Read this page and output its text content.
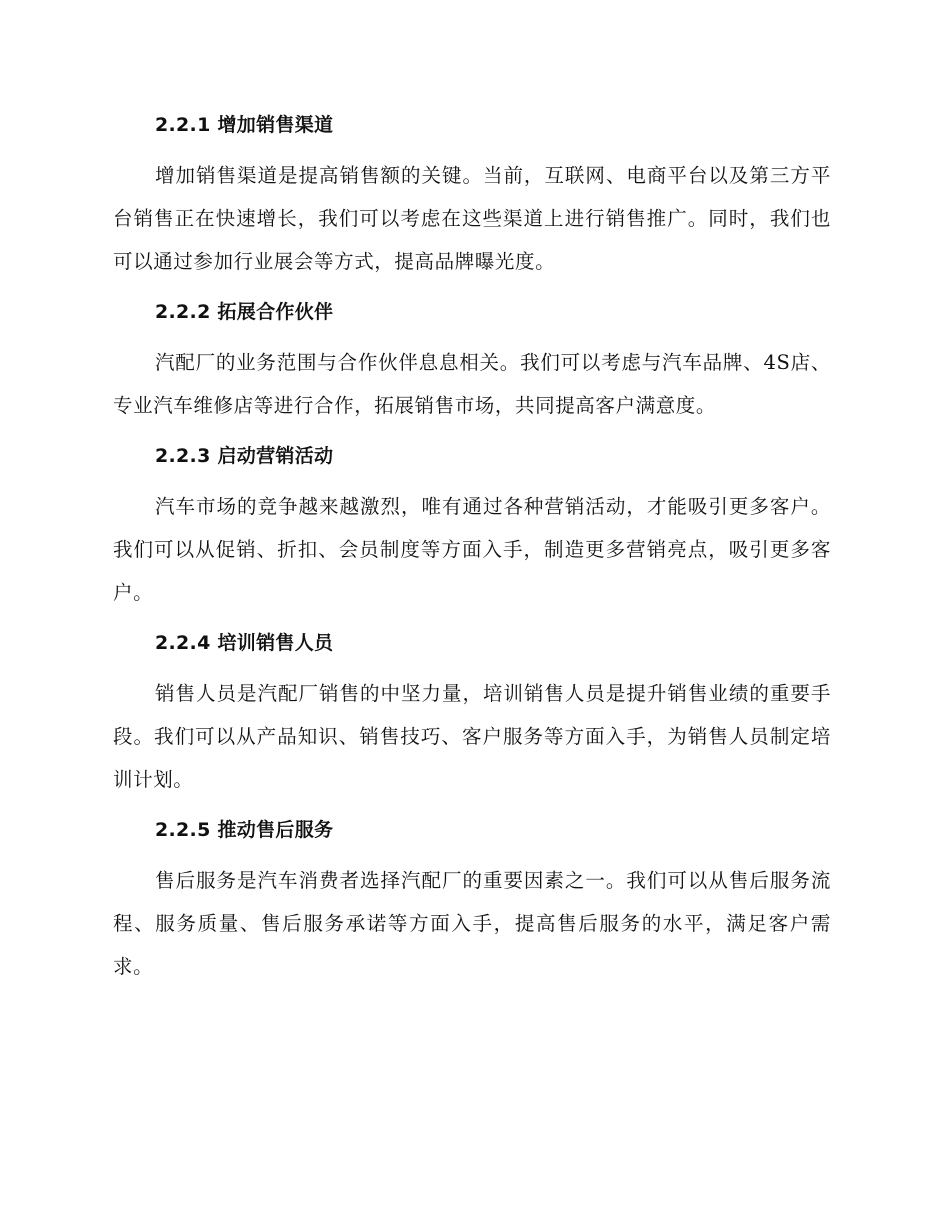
2.2.1 增加销售渠道

增加销售渠道是提高销售额的关键。当前，互联网、电商平台以及第三方平台销售正在快速增长，我们可以考虑在这些渠道上进行销售推广。同时，我们也可以通过参加行业展会等方式，提高品牌曝光度。

2.2.2 拓展合作伙伴

汽配厂的业务范围与合作伙伴息息相关。我们可以考虑与汽车品牌、4S店、专业汽车维修店等进行合作，拓展销售市场，共同提高客户满意度。

2.2.3 启动营销活动

汽车市场的竞争越来越激烈，唯有通过各种营销活动，才能吸引更多客户。我们可以从促销、折扣、会员制度等方面入手，制造更多营销亮点，吸引更多客户。

2.2.4 培训销售人员

销售人员是汽配厂销售的中坚力量，培训销售人员是提升销售业绩的重要手段。我们可以从产品知识、销售技巧、客户服务等方面入手，为销售人员制定培训计划。

2.2.5 推动售后服务

售后服务是汽车消费者选择汽配厂的重要因素之一。我们可以从售后服务流程、服务质量、售后服务承诺等方面入手，提高售后服务的水平，满足客户需求。
